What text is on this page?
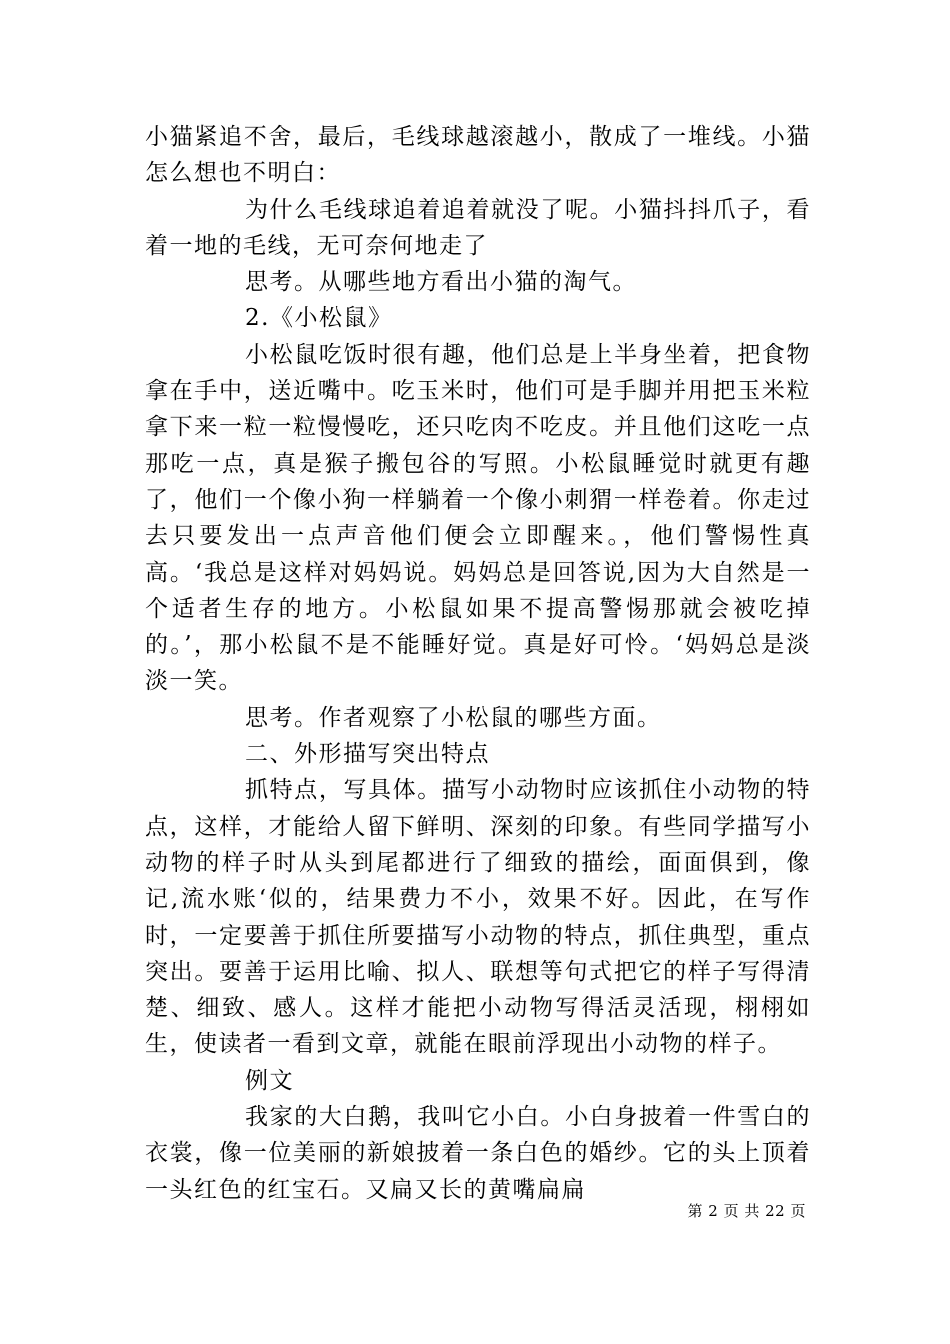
小猫紧追不舍，最后，毛线球越滚越小，散成了一堆线。小猫怎么想也不明白：

为什么毛线球追着追着就没了呢。小猫抖抖爪子，看着一地的毛线，无可奈何地走了

思考。从哪些地方看出小猫的淘气。

2.《小松鼠》

小松鼠吃饭时很有趣，他们总是上半身坐着，把食物拿在手中，送近嘴中。吃玉米时，他们可是手脚并用把玉米粒拿下来一粒一粒慢慢吃，还只吃肉不吃皮。并且他们这吃一点那吃一点，真是猴子搬包谷的写照。小松鼠睡觉时就更有趣了，他们一个像小狗一样躺着一个像小刺猬一样卷着。你走过去只要发出一点声音他们便会立即醒来。，他们警惕性真高。‘我总是这样对妈妈说。妈妈总是回答说,因为大自然是一个适者生存的地方。小松鼠如果不提高警惕那就会被吃掉的。’，那小松鼠不是不能睡好觉。真是好可怜。‘妈妈总是淡淡一笑。

思考。作者观察了小松鼠的哪些方面。

二、外形描写突出特点

抓特点，写具体。描写小动物时应该抓住小动物的特点，这样，才能给人留下鲜明、深刻的印象。有些同学描写小动物的样子时从头到尾都进行了细致的描绘，面面俱到，像记,流水账‘似的，结果费力不小，效果不好。因此，在写作时，一定要善于抓住所要描写小动物的特点，抓住典型，重点突出。要善于运用比喻、拟人、联想等句式把它的样子写得清楚、细致、感人。这样才能把小动物写得活灵活现，栩栩如生，使读者一看到文章，就能在眼前浮现出小动物的样子。

例文

我家的大白鹅，我叫它小白。小白身披着一件雪白的衣裳，像一位美丽的新娘披着一条白色的婚纱。它的头上顶着一头红色的红宝石。又扁又长的黄嘴扁扁

第 2 页 共 22 页
